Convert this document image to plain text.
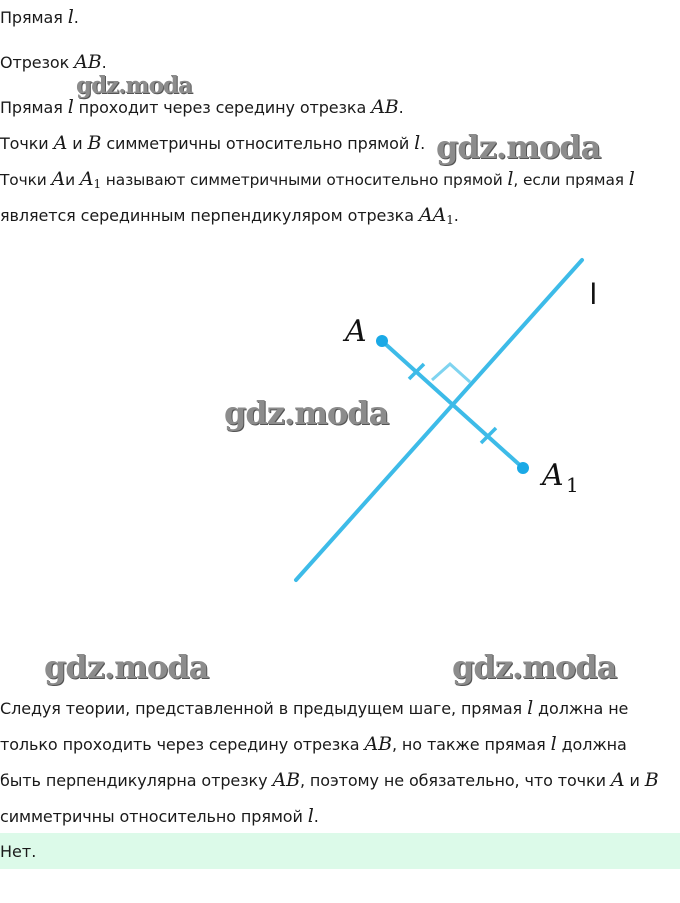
Прямая l.
Отрезок AB.
Прямая l проходит через середину отрезка AB.
Точки A и B симметричны относительно прямой l.
Точки Aи $A_1$ называют симметричными относительно прямой l, если прямая l
является серединным перпендикуляром отрезка $AA_1$.
l
A
A 1
gdz.moda
gdz.moda
gdz.moda
gdz.moda	gdz.moda
Следуя теории, представленной в предыдущем шаге, прямая l должна не
только проходить через середину отрезка AB, но также прямая l должна
быть перпендикулярна отрезку AB, поэтому не обязательно, что точки A и B
симметричны относительно прямой l.
Нет.
